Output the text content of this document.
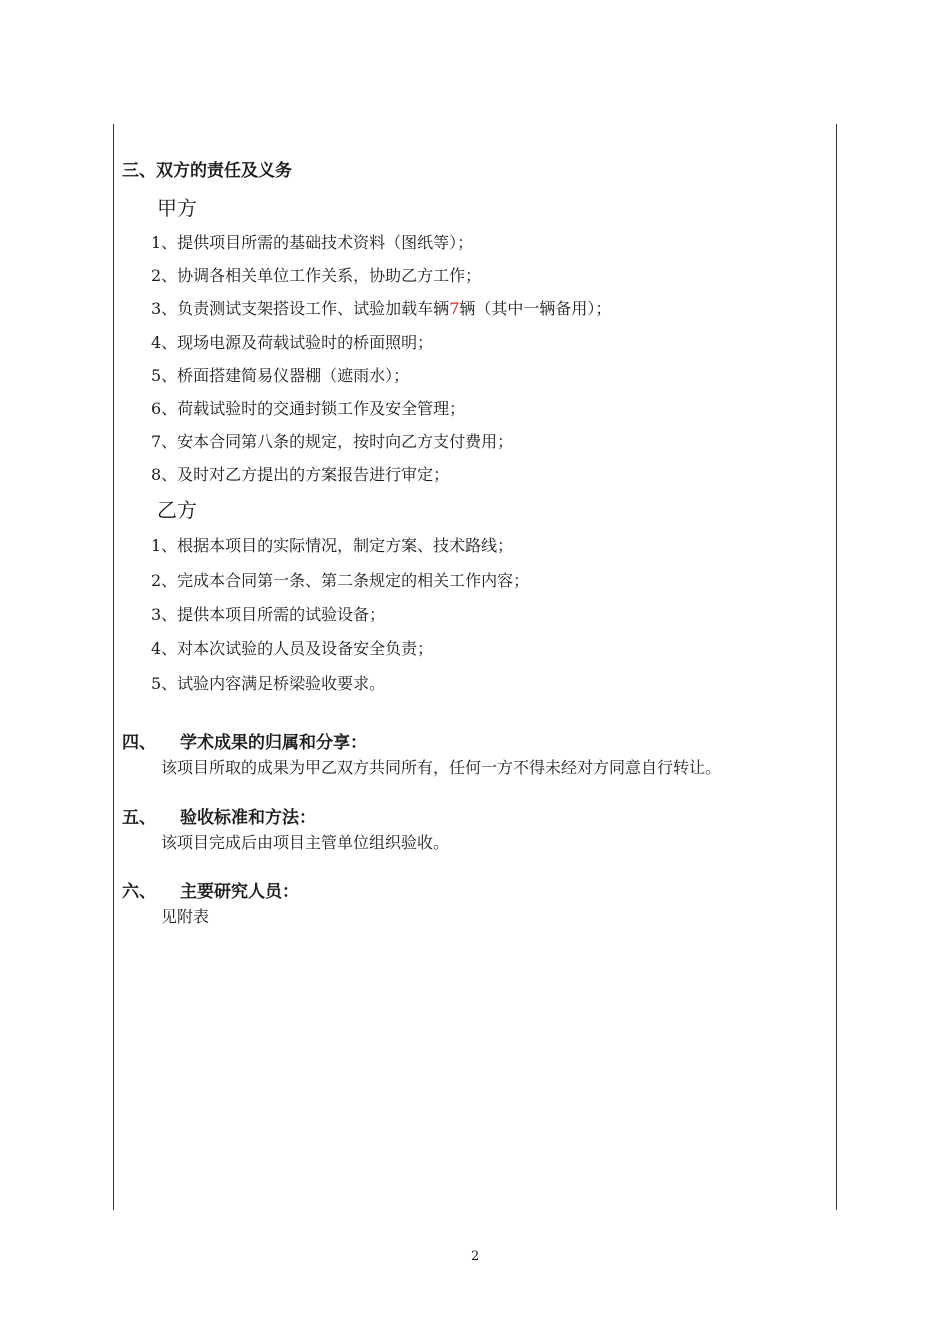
三、双方的责任及义务
甲方
1、提供项目所需的基础技术资料（图纸等）；
2、协调各相关单位工作关系，协助乙方工作；
3、负责测试支架搭设工作、试验加载车辆7辆（其中一辆备用）；
4、现场电源及荷载试验时的桥面照明；
5、桥面搭建简易仪器棚（遮雨水）；
6、荷载试验时的交通封锁工作及安全管理；
7、安本合同第八条的规定，按时向乙方支付费用；
8、及时对乙方提出的方案报告进行审定；
乙方
1、根据本项目的实际情况，制定方案、技术路线；
2、完成本合同第一条、第二条规定的相关工作内容；
3、提供本项目所需的试验设备；
4、对本次试验的人员及设备安全负责；
5、试验内容满足桥梁验收要求。
四、 学术成果的归属和分享：
该项目所取的成果为甲乙双方共同所有，任何一方不得未经对方同意自行转让。
五、 验收标准和方法：
该项目完成后由项目主管单位组织验收。
六、 主要研究人员：
见附表
2
